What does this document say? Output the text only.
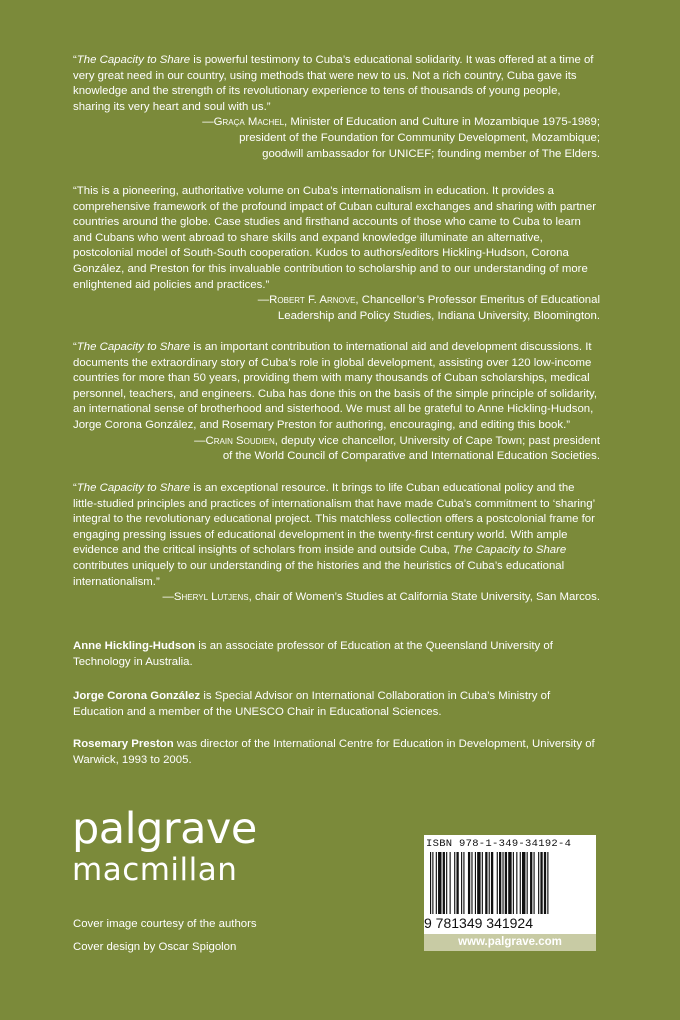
“The Capacity to Share is powerful testimony to Cuba’s educational solidarity. It was offered at a time of very great need in our country, using methods that were new to us. Not a rich country, Cuba gave its knowledge and the strength of its revolutionary experience to tens of thousands of young people, sharing its very heart and soul with us.”

—Graça Machel, Minister of Education and Culture in Mozambique 1975-1989;

president of the Foundation for Community Development, Mozambique;

goodwill ambassador for UNICEF; founding member of The Elders.

“This is a pioneering, authoritative volume on Cuba’s internationalism in education. It provides a comprehensive framework of the profound impact of Cuban cultural exchanges and sharing with partner countries around the globe. Case studies and firsthand accounts of those who came to Cuba to learn and Cubans who went abroad to share skills and expand knowledge illuminate an alternative, postcolonial model of South-South cooperation. Kudos to authors/editors Hickling-Hudson, Corona González, and Preston for this invaluable contribution to scholarship and to our understanding of more enlightened aid policies and practices.”

—Robert F. Arnove, Chancellor’s Professor Emeritus of Educational

Leadership and Policy Studies, Indiana University, Bloomington.

“The Capacity to Share is an important contribution to international aid and development discussions. It documents the extraordinary story of Cuba’s role in global development, assisting over 120 low-income countries for more than 50 years, providing them with many thousands of Cuban scholarships, medical personnel, teachers, and engineers. Cuba has done this on the basis of the simple principle of solidarity, an international sense of brotherhood and sisterhood. We must all be grateful to Anne Hickling-Hudson, Jorge Corona González, and Rosemary Preston for authoring, encouraging, and editing this book.”

—Crain Soudien, deputy vice chancellor, University of Cape Town; past president

of the World Council of Comparative and International Education Societies.

“The Capacity to Share is an exceptional resource. It brings to life Cuban educational policy and the little-studied principles and practices of internationalism that have made Cuba’s commitment to ‘sharing’ integral to the revolutionary educational project. This matchless collection offers a postcolonial frame for engaging pressing issues of educational development in the twenty-first century world. With ample evidence and the critical insights of scholars from inside and outside Cuba, The Capacity to Share contributes uniquely to our understanding of the histories and the heuristics of Cuba’s educational internationalism.”

—Sheryl Lutjens, chair of Women’s Studies at California State University, San Marcos.

Anne Hickling-Hudson is an associate professor of Education at the Queensland University of Technology in Australia.

Jorge Corona González is Special Advisor on International Collaboration in Cuba’s Ministry of Education and a member of the UNESCO Chair in Educational Sciences.

Rosemary Preston was director of the International Centre for Education in Development, University of Warwick, 1993 to 2005.

palgrave
macmillan
Cover image courtesy of the authors
Cover design by Oscar Spigolon
ISBN 978-1-349-34192-4
9 781349 341924
www.palgrave.com
